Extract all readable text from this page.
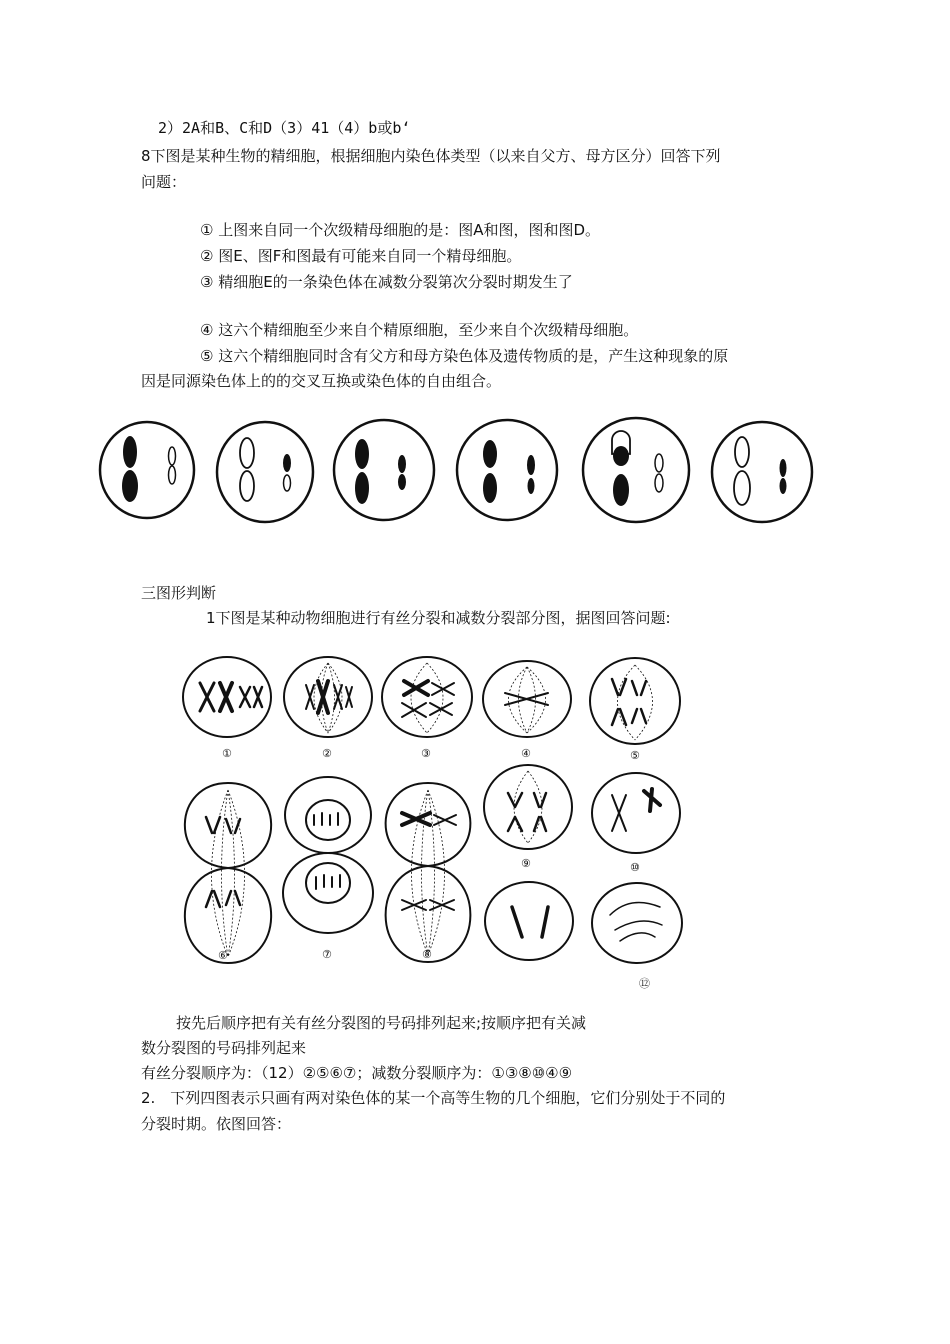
2）2A和B、C和D（3）41（4）b或b‘
8下图是某种生物的精细胞，根据细胞内染色体类型（以来自父方、母方区分）回答下列
问题：
① 上图来自同一个次级精母细胞的是：图A和图，图和图D。
② 图E、图F和图最有可能来自同一个精母细胞。
③ 精细胞E的一条染色体在减数分裂第次分裂时期发生了
④ 这六个精细胞至少来自个精原细胞，至少来自个次级精母细胞。
⑤ 这六个精细胞同时含有父方和母方染色体及遗传物质的是，产生这种现象的原
因是同源染色体上的的交叉互换或染色体的自由组合。
三图形判断
1下图是某种动物细胞进行有丝分裂和减数分裂部分图，据图回答问题:
①	②	③	④	⑤
⑥	⑦	⑧
⑨	⑩
⑫
按先后顺序把有关有丝分裂图的号码排列起来;按顺序把有关减
数分裂图的号码排列起来
有丝分裂顺序为：（12）②⑤⑥⑦；减数分裂顺序为：①③⑧⑩④⑨
2.　下列四图表示只画有两对染色体的某一个高等生物的几个细胞，它们分别处于不同的
分裂时期。依图回答：
